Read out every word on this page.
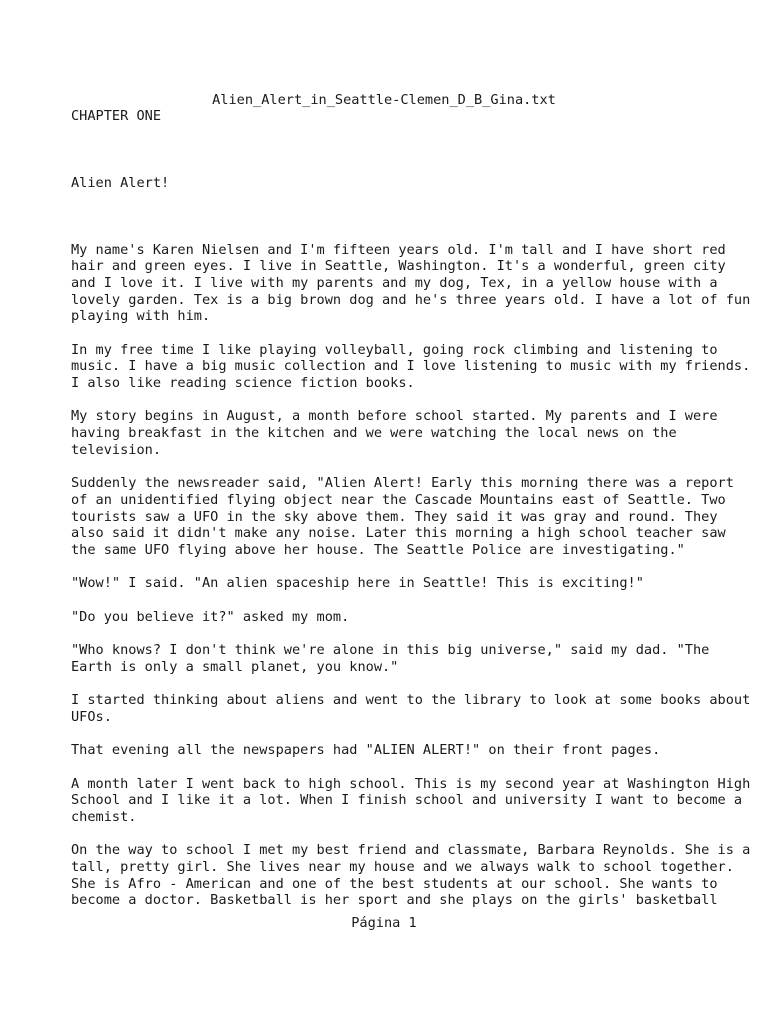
Alien_Alert_in_Seattle-Clemen_D_B_Gina.txt
CHAPTER ONE
Alien Alert!
My name's Karen Nielsen and I'm fifteen years old. I'm tall and I have short red
hair and green eyes. I live in Seattle, Washington. It's a wonderful, green city
and I love it. I live with my parents and my dog, Tex, in a yellow house with a
lovely garden. Tex is a big brown dog and he's three years old. I have a lot of fun
playing with him.
In my free time I like playing volleyball, going rock climbing and listening to
music. I have a big music collection and I love listening to music with my friends.
I also like reading science fiction books.
My story begins in August, a month before school started. My parents and I were
having breakfast in the kitchen and we were watching the local news on the
television.
Suddenly the newsreader said, "Alien Alert! Early this morning there was a report
of an unidentified flying object near the Cascade Mountains east of Seattle. Two
tourists saw a UFO in the sky above them. They said it was gray and round. They
also said it didn't make any noise. Later this morning a high school teacher saw
the same UFO flying above her house. The Seattle Police are investigating."
"Wow!" I said. "An alien spaceship here in Seattle! This is exciting!"
"Do you believe it?" asked my mom.
"Who knows? I don't think we're alone in this big universe," said my dad. "The
Earth is only a small planet, you know."
I started thinking about aliens and went to the library to look at some books about
UFOs.
That evening all the newspapers had "ALIEN ALERT!" on their front pages.
A month later I went back to high school. This is my second year at Washington High
School and I like it a lot. When I finish school and university I want to become a
chemist.
On the way to school I met my best friend and classmate, Barbara Reynolds. She is a
tall, pretty girl. She lives near my house and we always walk to school together.
She is Afro - American and one of the best students at our school. She wants to
become a doctor. Basketball is her sport and she plays on the girls' basketball
Página 1
